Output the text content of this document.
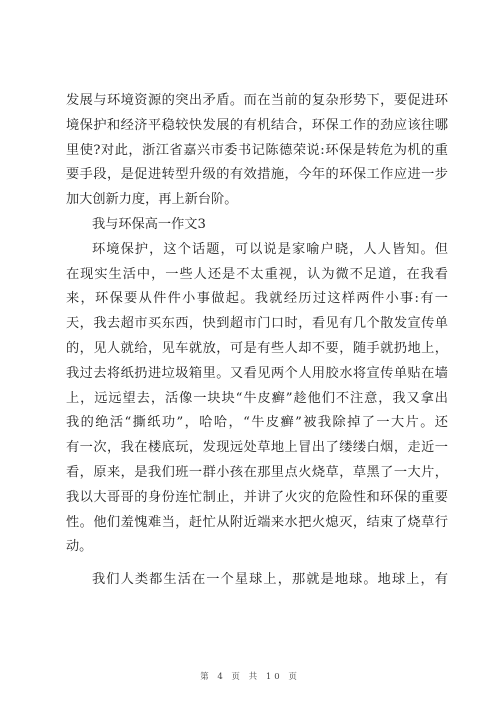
发展与环境资源的突出矛盾。而在当前的复杂形势下，要促进环
境保护和经济平稳较快发展的有机结合，环保工作的劲应该往哪
里使?对此，浙江省嘉兴市委书记陈德荣说:环保是转危为机的重
要手段，是促进转型升级的有效措施，今年的环保工作应进一步
加大创新力度，再上新台阶。
我与环保高一作文3
环境保护，这个话题，可以说是家喻户晓，人人皆知。但
在现实生活中，一些人还是不太重视，认为微不足道，在我看
来，环保要从件件小事做起。我就经历过这样两件小事:有一
天，我去超市买东西，快到超市门口时，看见有几个散发宣传单
的，见人就给，见车就放，可是有些人却不要，随手就扔地上，
我过去将纸扔进垃圾箱里。又看见两个人用胶水将宣传单贴在墙
上，远远望去，活像一块块“牛皮癣”趁他们不注意，我又拿出
我的绝活“撕纸功”，哈哈，“牛皮癣”被我除掉了一大片。还
有一次，我在楼底玩，发现远处草地上冒出了缕缕白烟，走近一
看，原来，是我们班一群小孩在那里点火烧草，草黑了一大片，
我以大哥哥的身份连忙制止，并讲了火灾的危险性和环保的重要
性。他们羞愧难当，赶忙从附近端来水把火熄灭，结束了烧草行
动。
我们人类都生活在一个星球上，那就是地球。地球上，有
第 4 页 共 10 页
